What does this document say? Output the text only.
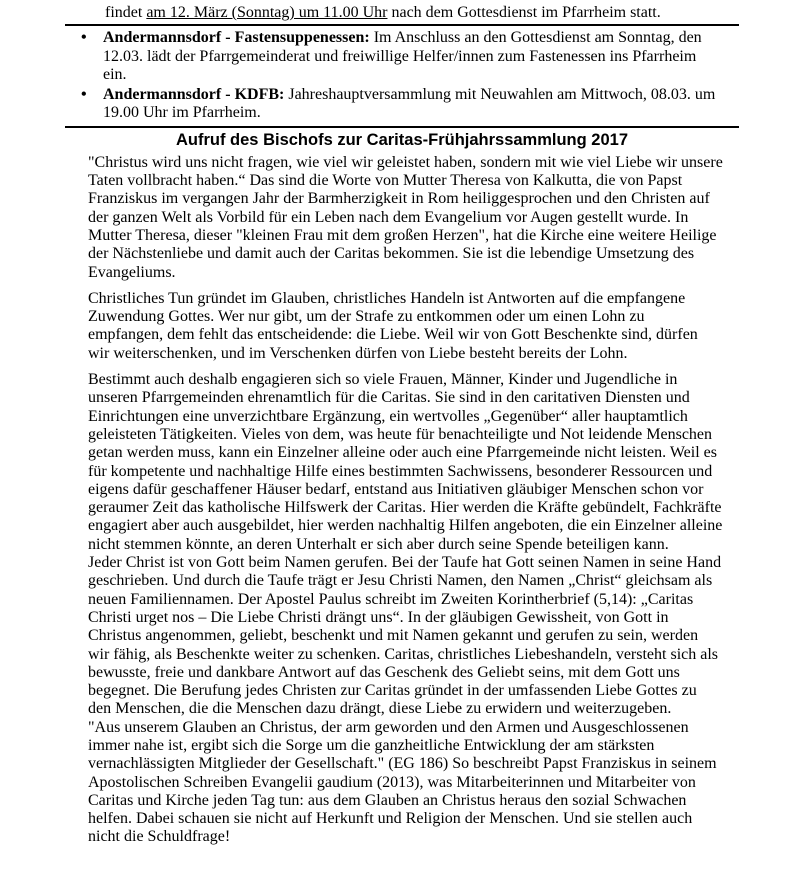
findet am 12. März (Sonntag) um 11.00 Uhr nach dem Gottesdienst im Pfarrheim statt.

• Andermannsdorf - Fastensuppenessen: Im Anschluss an den Gottesdienst am Sonntag, den 12.03. lädt der Pfarrgemeinderat und freiwillige Helfer/innen zum Fastenessen ins Pfarrheim ein.
• Andermannsdorf - KDFB: Jahreshauptversammlung mit Neuwahlen am Mittwoch, 08.03. um 19.00 Uhr im Pfarrheim.
Aufruf des Bischofs zur Caritas-Frühjahrssammlung 2017

"Christus wird uns nicht fragen, wie viel wir geleistet haben, sondern mit wie viel Liebe wir unsere Taten vollbracht haben.“ Das sind die Worte von Mutter Theresa von Kalkutta, die von Papst Franziskus im vergangen Jahr der Barmherzigkeit in Rom heiliggesprochen und den Christen auf der ganzen Welt als Vorbild für ein Leben nach dem Evangelium vor Augen gestellt wurde. In Mutter Theresa, dieser "kleinen Frau mit dem großen Herzen", hat die Kirche eine weitere Heilige der Nächstenliebe und damit auch der Caritas bekommen. Sie ist die lebendige Umsetzung des Evangeliums.

Christliches Tun gründet im Glauben, christliches Handeln ist Antworten auf die empfangene Zuwendung Gottes. Wer nur gibt, um der Strafe zu entkommen oder um einen Lohn zu empfangen, dem fehlt das entscheidende: die Liebe. Weil wir von Gott Beschenkte sind, dürfen wir weiterschenken, und im Verschenken dürfen von Liebe besteht bereits der Lohn.

Bestimmt auch deshalb engagieren sich so viele Frauen, Männer, Kinder und Jugendliche in unseren Pfarrgemeinden ehrenamtlich für die Caritas. Sie sind in den caritativen Diensten und Einrichtungen eine unverzichtbare Ergänzung, ein wertvolles „Gegenüber“ aller hauptamtlich geleisteten Tätigkeiten. Vieles von dem, was heute für benachteiligte und Not leidende Menschen getan werden muss, kann ein Einzelner alleine oder auch eine Pfarrgemeinde nicht leisten. Weil es für kompetente und nachhaltige Hilfe eines bestimmten Sachwissens, besonderer Ressourcen und eigens dafür geschaffener Häuser bedarf, entstand aus Initiativen gläubiger Menschen schon vor geraumer Zeit das katholische Hilfswerk der Caritas. Hier werden die Kräfte gebündelt, Fachkräfte engagiert aber auch ausgebildet, hier werden nachhaltig Hilfen angeboten, die ein Einzelner alleine nicht stemmen könnte, an deren Unterhalt er sich aber durch seine Spende beteiligen kann.

Jeder Christ ist von Gott beim Namen gerufen. Bei der Taufe hat Gott seinen Namen in seine Hand geschrieben. Und durch die Taufe trägt er Jesu Christi Namen, den Namen „Christ“ gleichsam als neuen Familiennamen. Der Apostel Paulus schreibt im Zweiten Korintherbrief (5,14): „Caritas Christi urget nos – Die Liebe Christi drängt uns“. In der gläubigen Gewissheit, von Gott in Christus angenommen, geliebt, beschenkt und mit Namen gekannt und gerufen zu sein, werden wir fähig, als Beschenkte weiter zu schenken. Caritas, christliches Liebeshandeln, versteht sich als bewusste, freie und dankbare Antwort auf das Geschenk des Geliebt seins, mit dem Gott uns begegnet. Die Berufung jedes Christen zur Caritas gründet in der umfassenden Liebe Gottes zu den Menschen, die die Menschen dazu drängt, diese Liebe zu erwidern und weiterzugeben.

"Aus unserem Glauben an Christus, der arm geworden und den Armen und Ausgeschlossenen immer nahe ist, ergibt sich die Sorge um die ganzheitliche Entwicklung der am stärksten vernachlässigten Mitglieder der Gesellschaft." (EG 186) So beschreibt Papst Franziskus in seinem Apostolischen Schreiben Evangelii gaudium (2013), was Mitarbeiterinnen und Mitarbeiter von Caritas und Kirche jeden Tag tun: aus dem Glauben an Christus heraus den sozial Schwachen helfen. Dabei schauen sie nicht auf Herkunft und Religion der Menschen. Und sie stellen auch nicht die Schuldfrage!
